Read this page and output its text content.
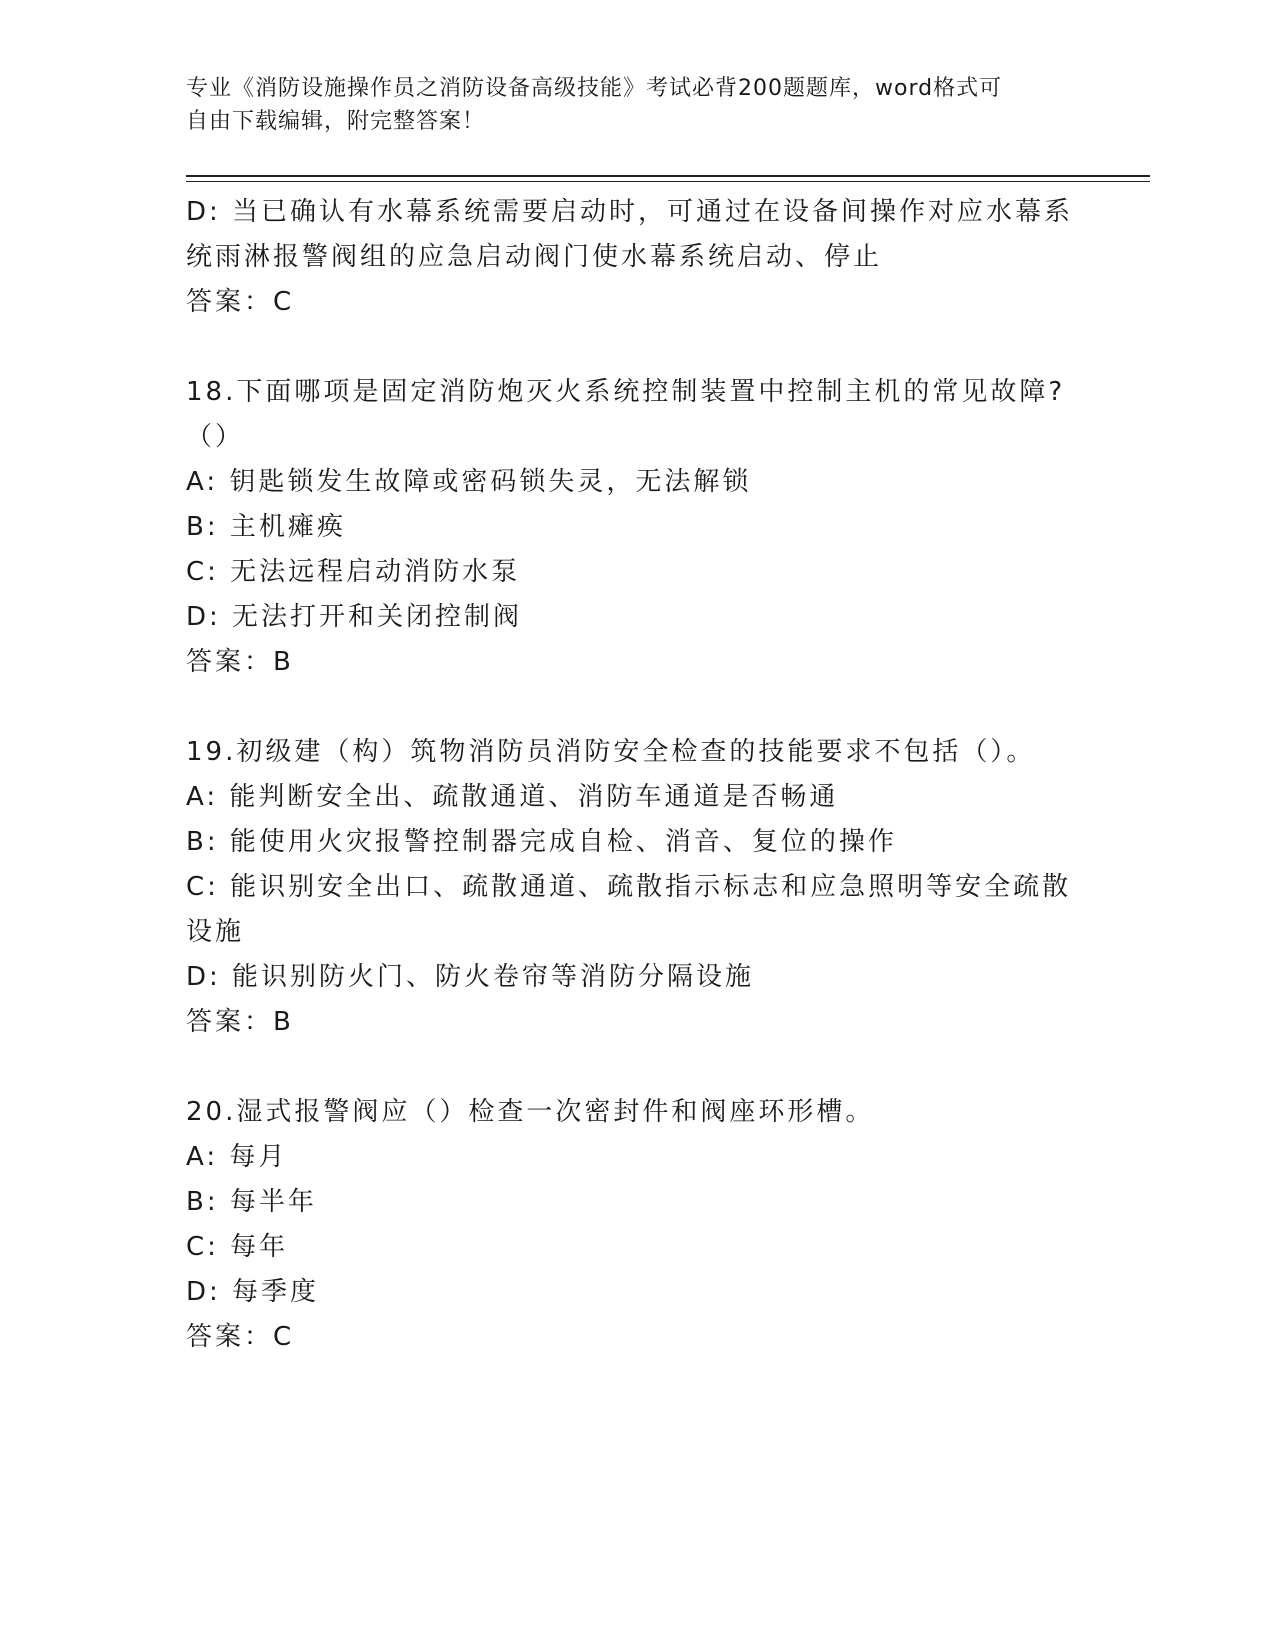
专业《消防设施操作员之消防设备高级技能》考试必背200题题库，word格式可
自由下载编辑，附完整答案！
D: 当已确认有水幕系统需要启动时，可通过在设备间操作对应水幕系
统雨淋报警阀组的应急启动阀门使水幕系统启动、停止
答案：C
18.下面哪项是固定消防炮灭火系统控制装置中控制主机的常见故障?
（）
A: 钥匙锁发生故障或密码锁失灵，无法解锁
B: 主机瘫痪
C: 无法远程启动消防水泵
D: 无法打开和关闭控制阀
答案：B
19.初级建（构）筑物消防员消防安全检查的技能要求不包括（）。
A: 能判断安全出、疏散通道、消防车通道是否畅通
B: 能使用火灾报警控制器完成自检、消音、复位的操作
C: 能识别安全出口、疏散通道、疏散指示标志和应急照明等安全疏散
设施
D: 能识别防火门、防火卷帘等消防分隔设施
答案：B
20.湿式报警阀应（）检查一次密封件和阀座环形槽。
A: 每月
B: 每半年
C: 每年
D: 每季度
答案：C
